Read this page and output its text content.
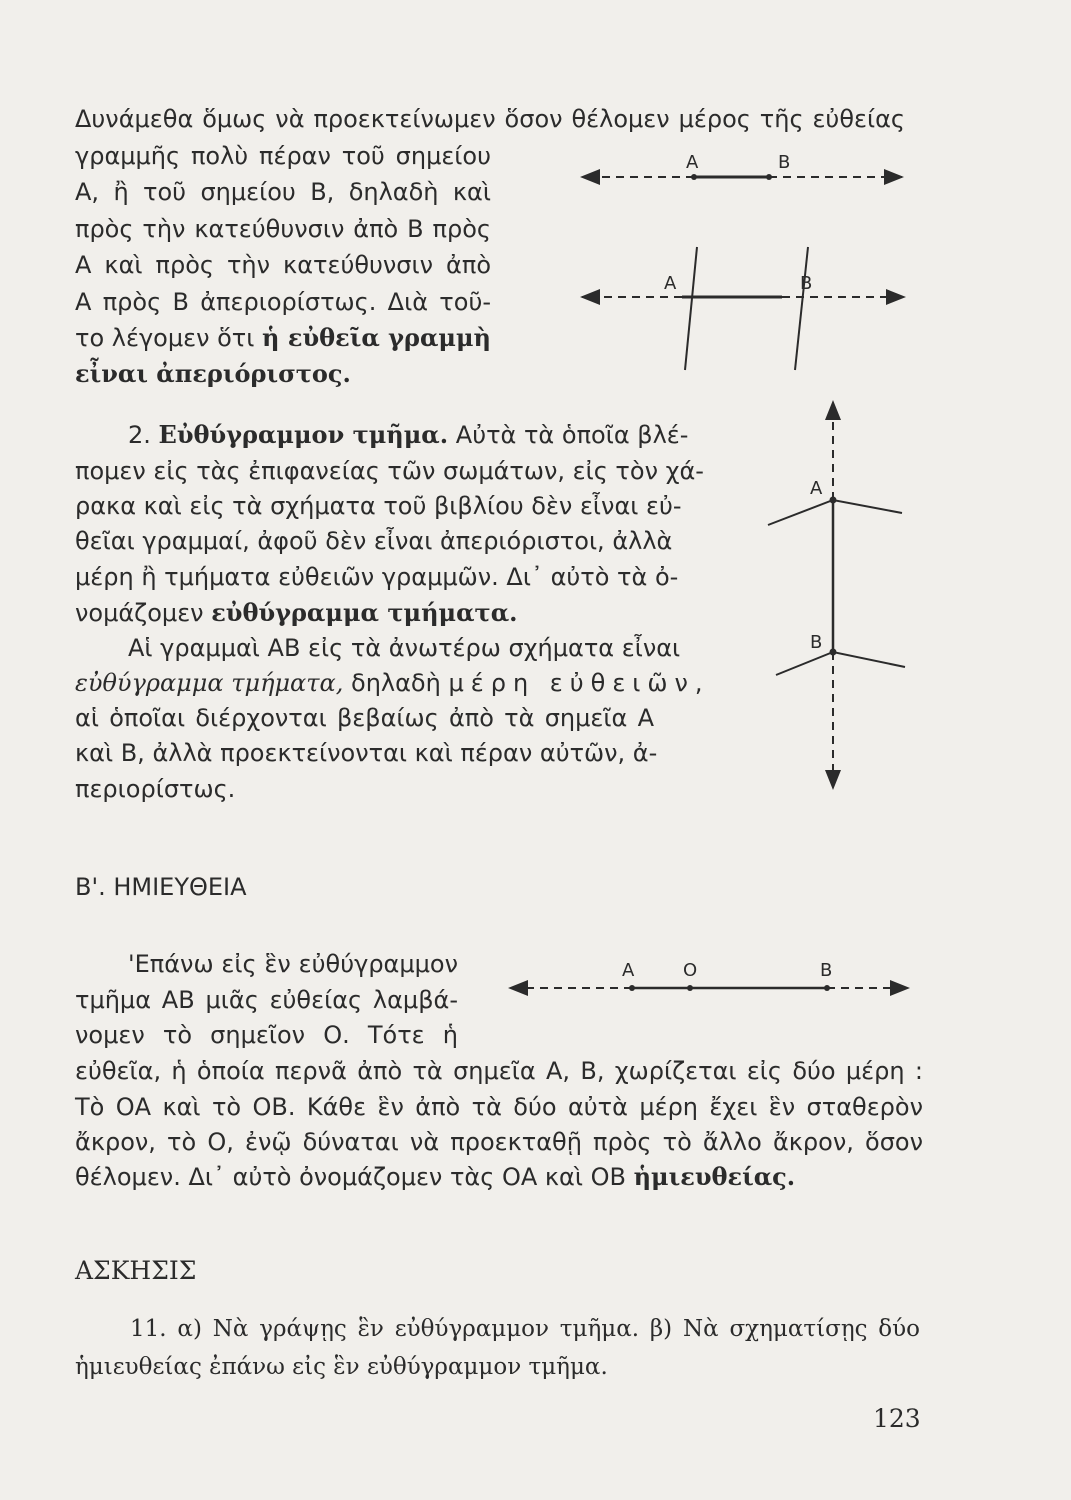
Δυνάμεθα ὅμως νὰ προεκτείνωμεν ὅσον θέλομεν μέρος τῆς εὐθείας
γραμμῆς πολὺ πέραν τοῦ σημείου
Α, ἢ τοῦ σημείου Β, δηλαδὴ καὶ
πρὸς τὴν κατεύθυνσιν ἀπὸ Β πρὸς
Α καὶ πρὸς τὴν κατεύθυνσιν ἀπὸ
Α πρὸς Β ἀπεριορίστως. Διὰ τοῦ-
το λέγομεν ὅτι ἡ εὐθεῖα γραμμὴ
εἶναι ἀπεριόριστος.
2. Εὐθύγραμμον τμῆμα. Αὐτὰ τὰ ὁποῖα βλέ-
πομεν εἰς τὰς ἐπιφανείας τῶν σωμάτων, εἰς τὸν χά-
ρακα καὶ εἰς τὰ σχήματα τοῦ βιβλίου δὲν εἶναι εὐ-
θεῖαι γραμμαί, ἀφοῦ δὲν εἶναι ἀπεριόριστοι, ἀλλὰ
μέρη ἢ τμήματα εὐθειῶν γραμμῶν. Δι᾽ αὐτὸ τὰ ὀ-
νομάζομεν εὐθύγραμμα τμήματα.
Αἱ γραμμαὶ ΑΒ εἰς τὰ ἀνωτέρω σχήματα εἶναι
εὐθύγραμμα τμήματα, δηλαδὴ μέρη εὐθειῶν,
αἱ ὁποῖαι διέρχονται βεβαίως ἀπὸ τὰ σημεῖα Α
καὶ Β, ἀλλὰ προεκτείνονται καὶ πέραν αὐτῶν, ἀ-
περιορίστως.
Β'. ΗΜΙΕΥΘΕΙΑ
'Επάνω εἰς ἓν εὐθύγραμμον
τμῆμα ΑΒ μιᾶς εὐθείας λαμβά-
νομεν τὸ σημεῖον Ο. Τότε ἡ
εὐθεῖα, ἡ ὁποία περνᾶ ἀπὸ τὰ σημεῖα Α, Β, χωρίζεται εἰς δύο μέρη :
Τὸ ΟΑ καὶ τὸ ΟΒ. Κάθε ἓν ἀπὸ τὰ δύο αὐτὰ μέρη ἔχει ἓν σταθερὸν
ἄκρον, τὸ Ο, ἐνῷ δύναται νὰ προεκταθῇ πρὸς τὸ ἄλλο ἄκρον, ὅσον
θέλομεν. Δι᾽ αὐτὸ ὀνομάζομεν τὰς ΟΑ καὶ ΟΒ ἡμιευθείας.
ΑΣΚΗΣΙΣ
11. α) Νὰ γράψῃς ἓν εὐθύγραμμον τμῆμα. β) Νὰ σχηματίσῃς δύο
ἡμιευθείας ἐπάνω εἰς ἓν εὐθύγραμμον τμῆμα.
123
Α	Β
Α	Β
Α
Β
Α	Ο	Β
